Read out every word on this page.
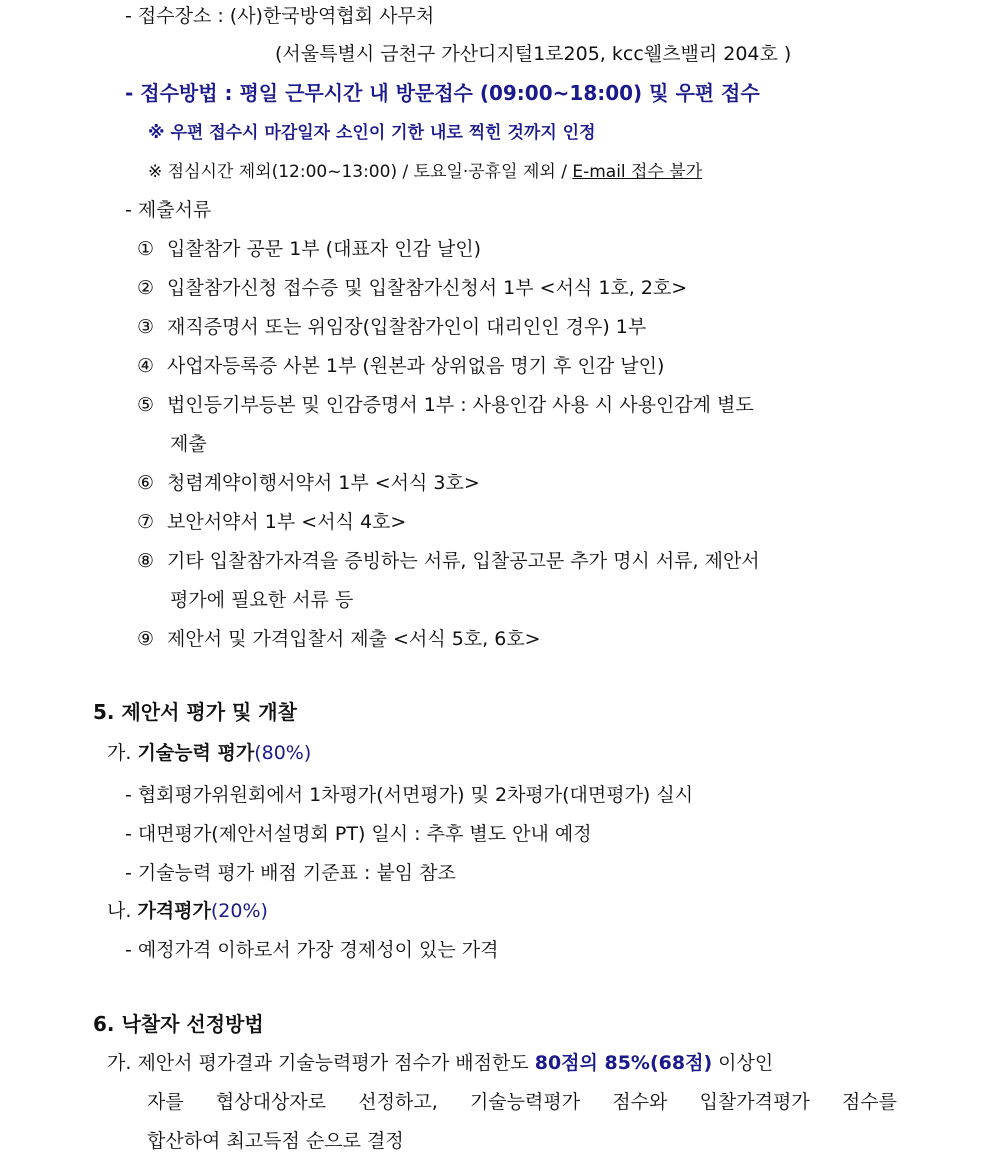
- 접수장소 : (사)한국방역협회 사무처
(서울특별시 금천구 가산디지털1로205, kcc웰츠밸리 204호 )
- 접수방법 : 평일 근무시간 내 방문접수 (09:00~18:00) 및 우편 접수
※ 우편 접수시 마감일자 소인이 기한 내로 찍힌 것까지 인정
※ 점심시간 제외(12:00~13:00) / 토요일·공휴일 제외 / E-mail 접수 불가
- 제출서류
① 입찰참가 공문 1부 (대표자 인감 날인)
② 입찰참가신청 접수증 및 입찰참가신청서 1부 <서식 1호, 2호>
③ 재직증명서 또는 위임장(입찰참가인이 대리인인 경우) 1부
④ 사업자등록증 사본 1부 (원본과 상위없음 명기 후 인감 날인)
⑤ 법인등기부등본 및 인감증명서 1부 : 사용인감 사용 시 사용인감계 별도
제출
⑥ 청렴계약이행서약서 1부 <서식 3호>
⑦ 보안서약서 1부 <서식 4호>
⑧ 기타 입찰참가자격을 증빙하는 서류, 입찰공고문 추가 명시 서류, 제안서
평가에 필요한 서류 등
⑨ 제안서 및 가격입찰서 제출 <서식 5호, 6호>
5. 제안서 평가 및 개찰
가. 기술능력 평가(80%)
- 협회평가위원회에서 1차평가(서면평가) 및 2차평가(대면평가) 실시
- 대면평가(제안서설명회 PT) 일시 : 추후 별도 안내 예정
- 기술능력 평가 배점 기준표 : 붙임 참조
나. 가격평가(20%)
- 예정가격 이하로서 가장 경제성이 있는 가격
6. 낙찰자 선정방법
가. 제안서 평가결과 기술능력평가 점수가 배점한도 80점의 85%(68점) 이상인
자를 협상대상자로 선정하고, 기술능력평가 점수와 입찰가격평가 점수를
합산하여 최고득점 순으로 결정
